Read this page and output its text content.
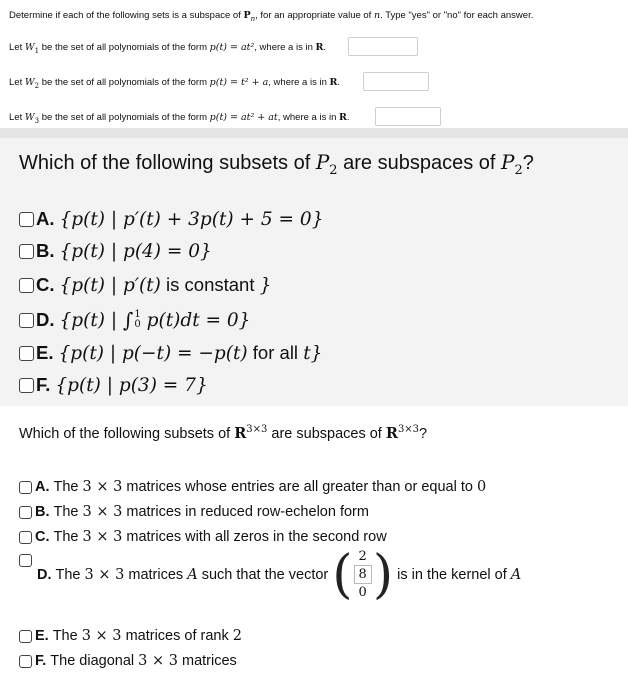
Determine if each of the following sets is a subspace of $P_n$, for an appropriate value of n. Type "yes" or "no" for each answer.
Let $W_1$ be the set of all polynomials of the form p(t) = at², where a is in R.
Let $W_2$ be the set of all polynomials of the form p(t) = t² + a, where a is in R.
Let $W_3$ be the set of all polynomials of the form p(t) = at² + at, where a is in R.
Which of the following subsets of $P_2$ are subspaces of $P_2$?
A. {p(t) | p′(t) + 3p(t) + 5 = 0}
B. {p(t) | p(4) = 0}
C. {p(t) | p′(t) is constant }
D. {p(t) | ∫ 1
0 p(t)dt = 0}
E. {p(t) | p(−t) = −p(t) for all t}
F. {p(t) | p(3) = 7}
Which of the following subsets of $R^{3\times 3}$ are subspaces of $R^{3\times 3}$?
A. The 3 × 3 matrices whose entries are all greater than or equal to 0
B. The 3 × 3 matrices in reduced row-echelon form
C. The 3 × 3 matrices with all zeros in the second row
D. The 3 × 3 matrices A such that the vector ( 2
8
0 ) is in the kernel of A
E. The 3 × 3 matrices of rank 2
F. The diagonal 3 × 3 matrices
